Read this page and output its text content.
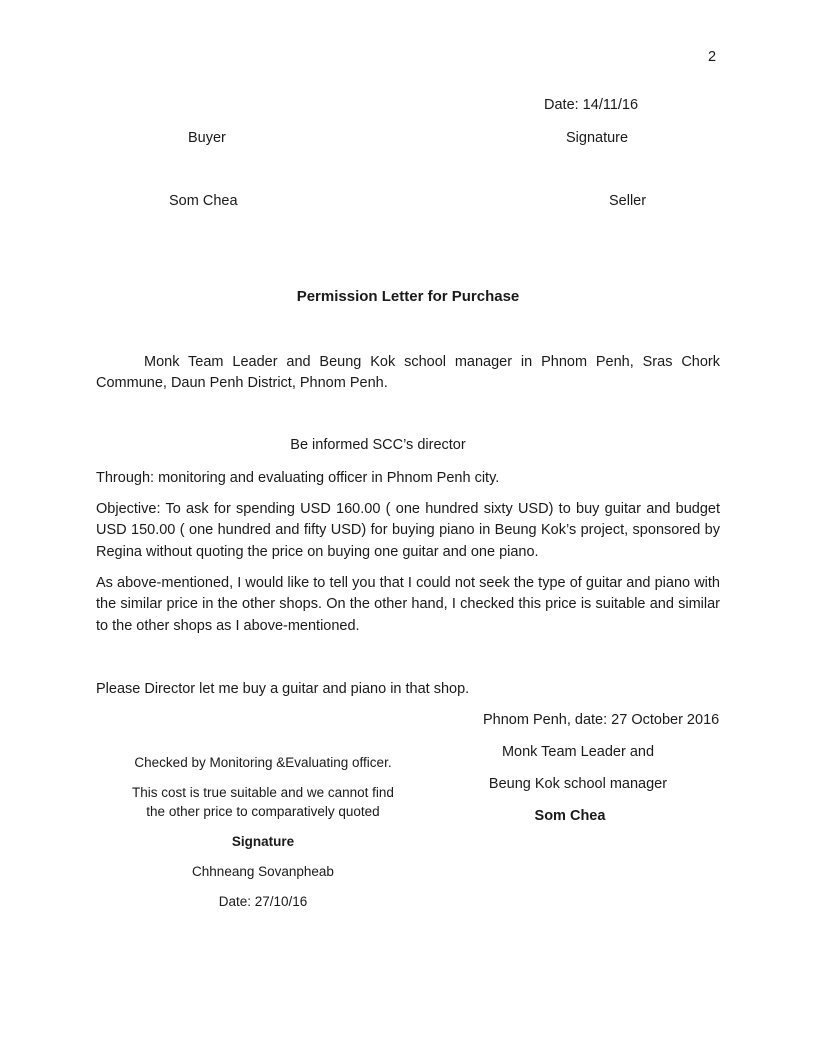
2
Date: 14/11/16
Buyer	Signature
Som Chea	Seller
Permission Letter for Purchase
Monk Team Leader and Beung Kok school manager in Phnom Penh, Sras Chork Commune, Daun Penh District, Phnom Penh.
Be informed SCC’s director
Through: monitoring and evaluating officer in Phnom Penh city.
Objective: To ask for spending USD 160.00 ( one hundred sixty USD) to buy guitar and budget USD 150.00 ( one hundred and fifty USD) for buying piano in Beung Kok’s project, sponsored by Regina without quoting the price on buying one guitar and one piano.
As above-mentioned, I would like to tell you that I could not seek the type of guitar and piano with the similar price in the other shops. On the other hand, I checked this price is suitable and similar to the other shops as I above-mentioned.
Please Director let me buy a guitar and piano in that shop.
Phnom Penh, date: 27 October 2016
Monk Team Leader and
Beung Kok school manager
Som Chea
Checked by Monitoring &Evaluating officer.
This cost is true suitable and we cannot find
the other price to comparatively quoted
Signature
Chhneang Sovanpheab
Date: 27/10/16
